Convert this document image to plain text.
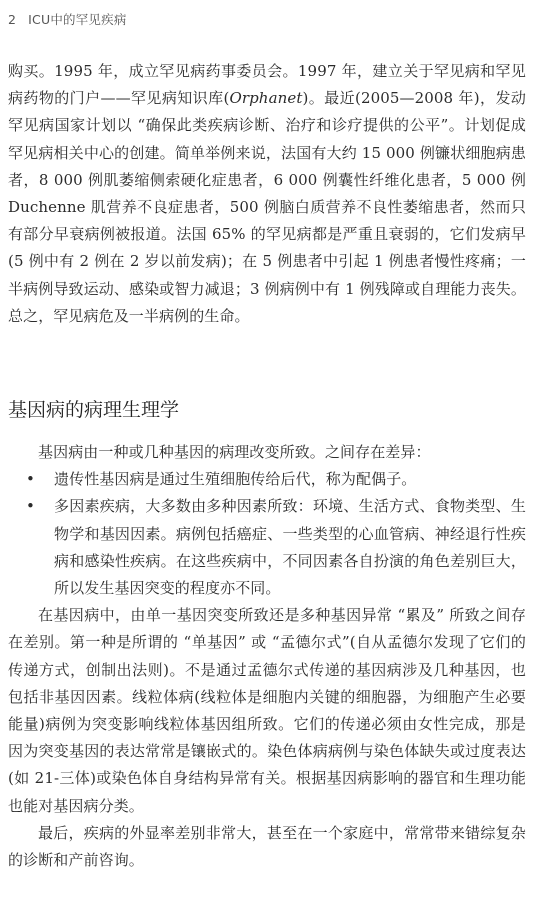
2 ICU中的罕见疾病

购买。1995 年，成立罕见病药事委员会。1997 年，建立关于罕见病和罕见病药物的门户——罕见病知识库(Orphanet)。最近(2005—2008 年)，发动罕见病国家计划以 “确保此类疾病诊断、治疗和诊疗提供的公平”。计划促成罕见病相关中心的创建。简单举例来说，法国有大约 15 000 例镰状细胞病患者，8 000 例肌萎缩侧索硬化症患者，6 000 例囊性纤维化患者，5 000 例 Duchenne 肌营养不良症患者，500 例脑白质营养不良性萎缩患者，然而只有部分早衰病例被报道。法国 65% 的罕见病都是严重且衰弱的，它们发病早(5 例中有 2 例在 2 岁以前发病)；在 5 例患者中引起 1 例患者慢性疼痛；一半病例导致运动、感染或智力减退；3 例病例中有 1 例残障或自理能力丧失。总之，罕见病危及一半病例的生命。

基因病的病理生理学

基因病由一种或几种基因的病理改变所致。之间存在差异：

• 遗传性基因病是通过生殖细胞传给后代，称为配偶子。
• 多因素疾病，大多数由多种因素所致：环境、生活方式、食物类型、生物学和基因因素。病例包括癌症、一些类型的心血管病、神经退行性疾病和感染性疾病。在这些疾病中，不同因素各自扮演的角色差别巨大，所以发生基因突变的程度亦不同。

在基因病中，由单一基因突变所致还是多种基因异常 “累及” 所致之间存在差别。第一种是所谓的 “单基因” 或 “孟德尔式”(自从孟德尔发现了它们的传递方式，创制出法则)。不是通过孟德尔式传递的基因病涉及几种基因，也包括非基因因素。线粒体病(线粒体是细胞内关键的细胞器，为细胞产生必要能量)病例为突变影响线粒体基因组所致。它们的传递必须由女性完成，那是因为突变基因的表达常常是镶嵌式的。染色体病病例与染色体缺失或过度表达(如 21-三体)或染色体自身结构异常有关。根据基因病影响的器官和生理功能也能对基因病分类。

最后，疾病的外显率差别非常大，甚至在一个家庭中，常常带来错综复杂的诊断和产前咨询。
